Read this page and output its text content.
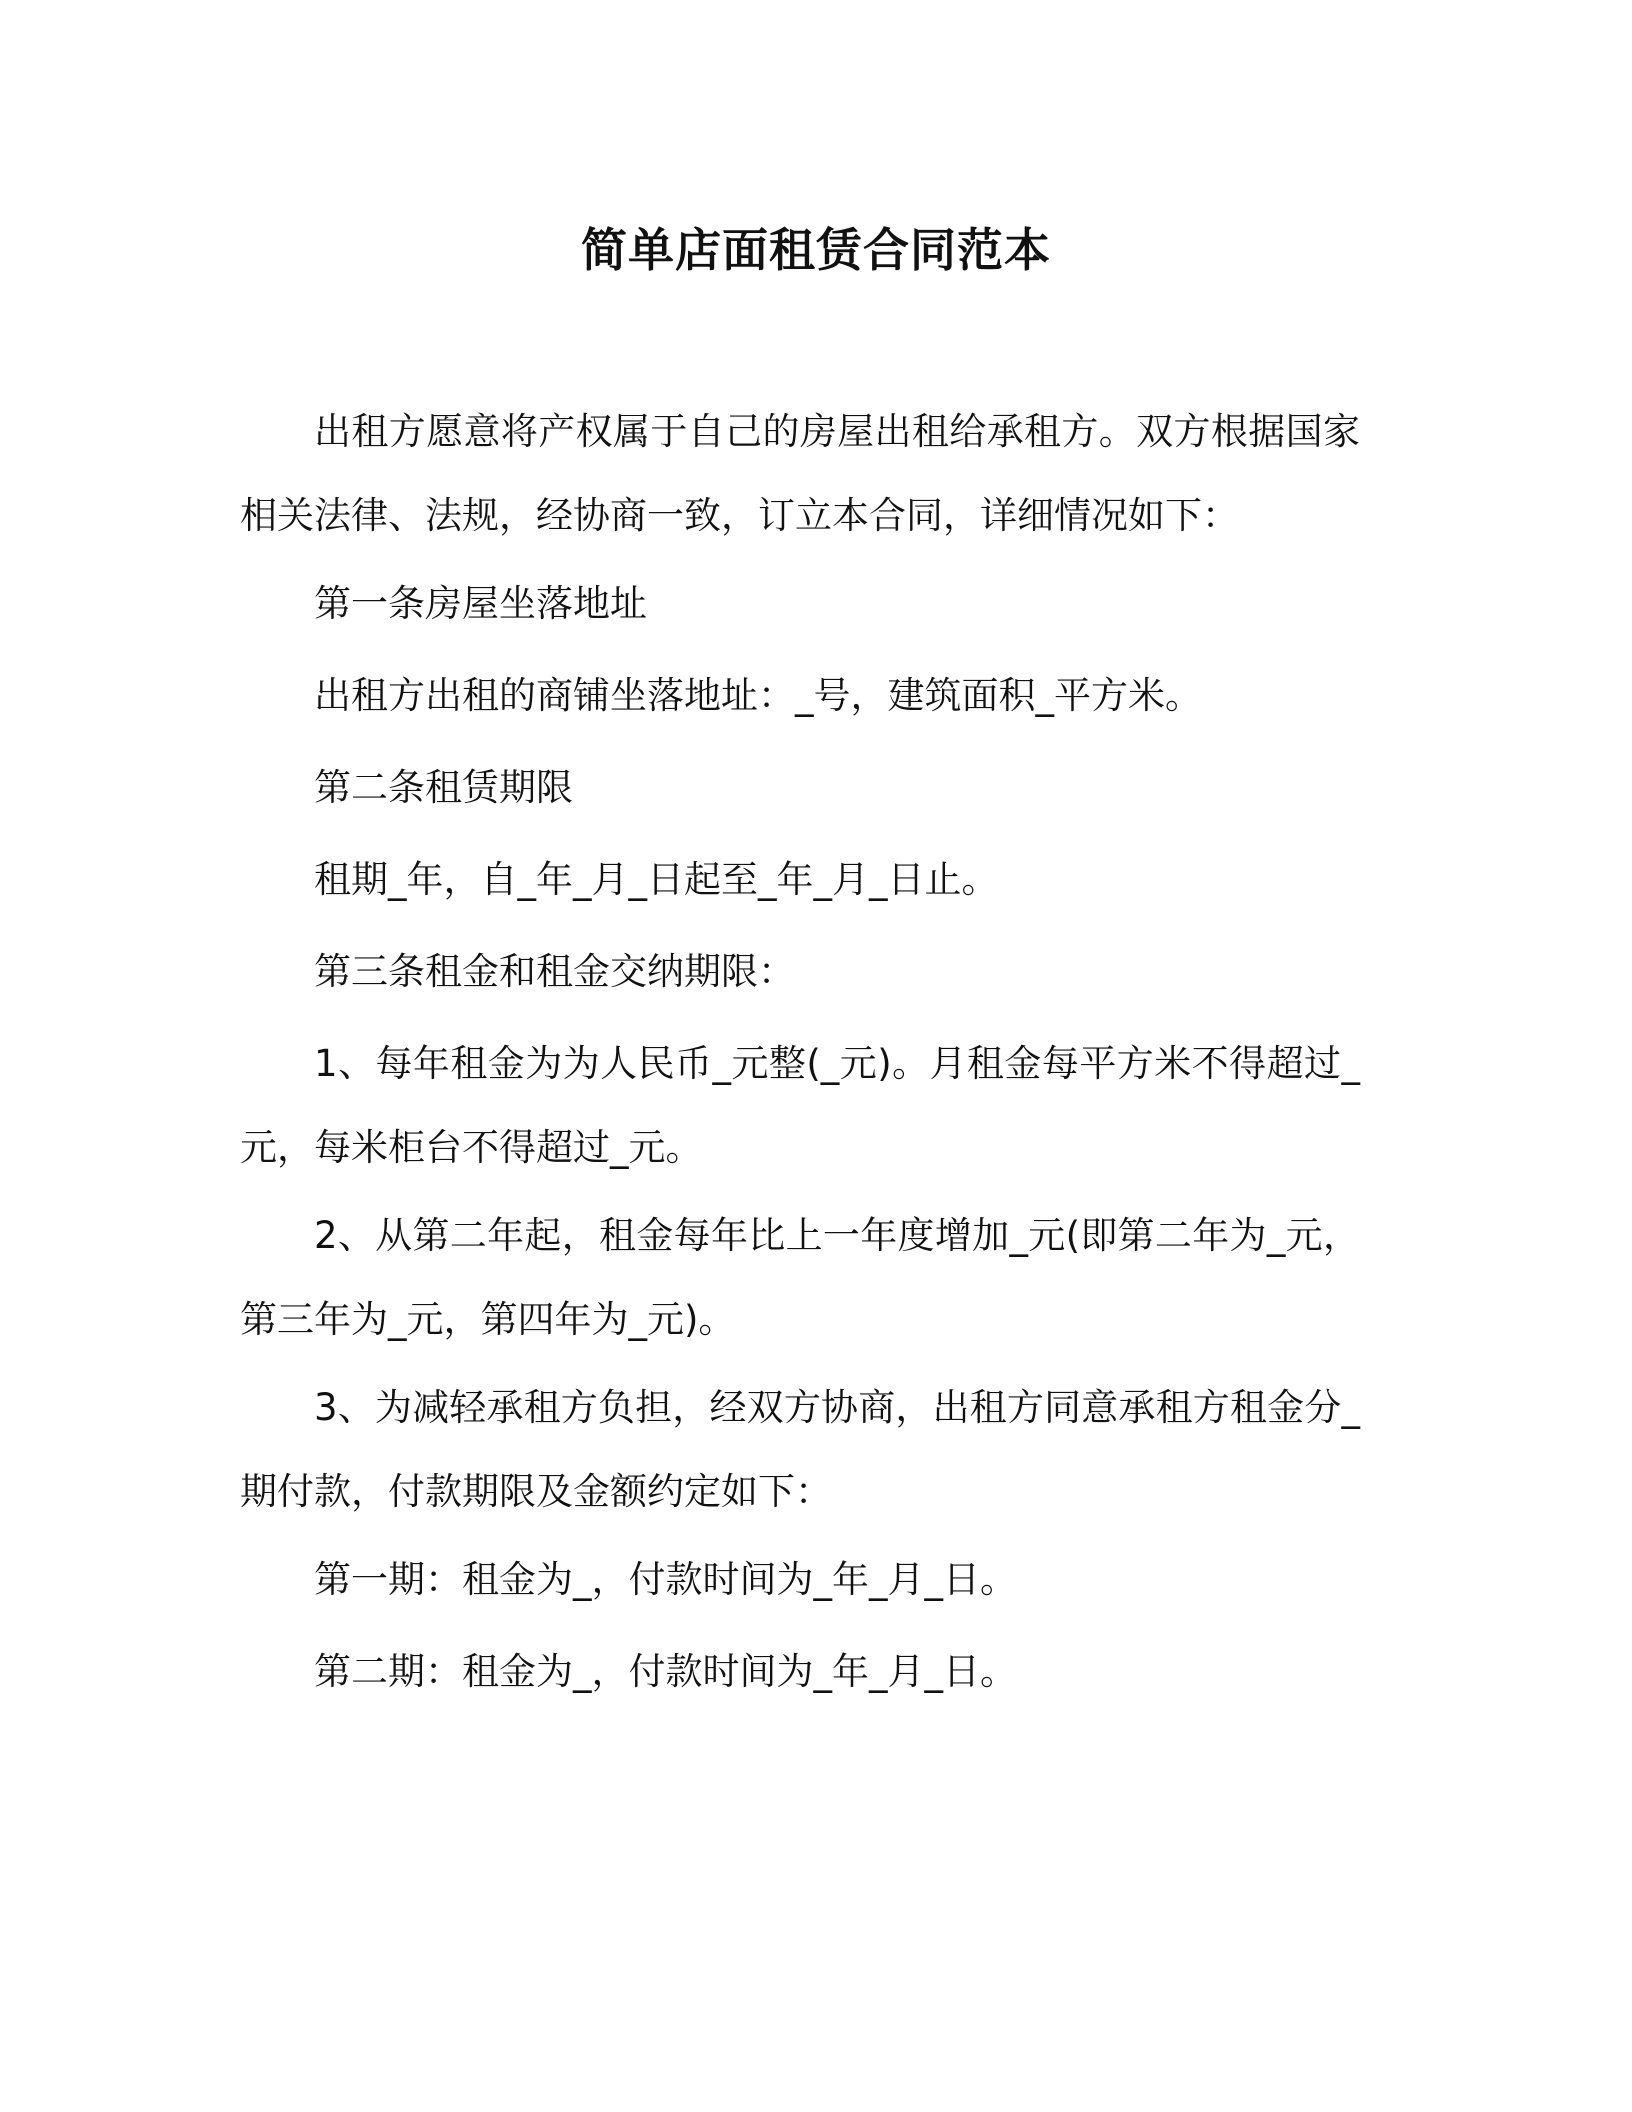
简单店面租赁合同范本

出租方愿意将产权属于自己的房屋出租给承租方。双方根据国家相关法律、法规，经协商一致，订立本合同，详细情况如下：

第一条房屋坐落地址

出租方出租的商铺坐落地址：_号，建筑面积_平方米。

第二条租赁期限

租期_年，自_年_月_日起至_年_月_日止。

第三条租金和租金交纳期限：

1、每年租金为为人民币_元整(_元)。月租金每平方米不得超过_元，每米柜台不得超过_元。

2、从第二年起，租金每年比上一年度增加_元(即第二年为_元，第三年为_元，第四年为_元)。

3、为减轻承租方负担，经双方协商，出租方同意承租方租金分_期付款，付款期限及金额约定如下：

第一期：租金为_，付款时间为_年_月_日。

第二期：租金为_，付款时间为_年_月_日。
